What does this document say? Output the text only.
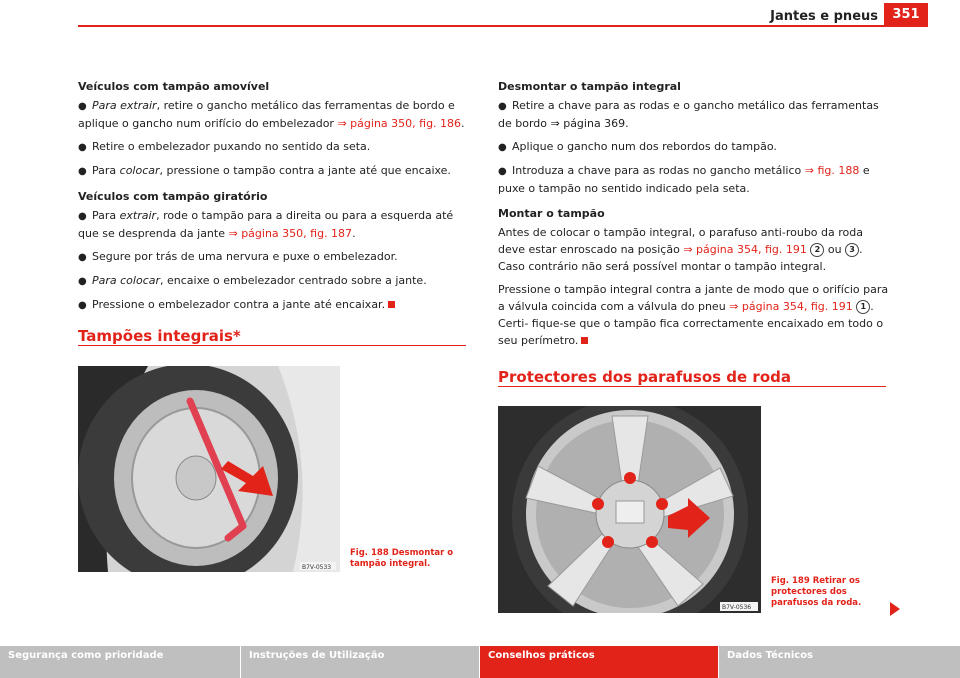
Jantes e pneus	351

Veículos com tampão amovível

● Para extrair, retire o gancho metálico das ferramentas de bordo e aplique o gancho num orifício do embelezador ⇒ página 350, fig. 186.

● Retire o embelezador puxando no sentido da seta.

● Para colocar, pressione o tampão contra a jante até que encaixe.

Veículos com tampão giratório

● Para extrair, rode o tampão para a direita ou para a esquerda até que se desprenda da jante ⇒ página 350, fig. 187.

● Segure por trás de uma nervura e puxe o embelezador.

● Para colocar, encaixe o embelezador centrado sobre a jante.

● Pressione o embelezador contra a jante até encaixar.

Tampões integrais*
B7V-0533
Fig. 188 Desmontar o tampão integral.

Desmontar o tampão integral

● Retire a chave para as rodas e o gancho metálico das ferramentas de bordo ⇒ página 369.

● Aplique o gancho num dos rebordos do tampão.

● Introduza a chave para as rodas no gancho metálico ⇒ fig. 188 e puxe o tampão no sentido indicado pela seta.

Montar o tampão

Antes de colocar o tampão integral, o parafuso anti-roubo da roda deve estar enroscado na posição ⇒ página 354, fig. 191 2 ou 3 . Caso contrário não será possível montar o tampão integral.

Pressione o tampão integral contra a jante de modo que o orifício para a válvula coincida com a válvula do pneu ⇒ página 354, fig. 191 1 . Certi- fique-se que o tampão fica correctamente encaixado em todo o seu perímetro.

Protectores dos parafusos de roda
B7V-0536
Fig. 189 Retirar os protectores dos parafusos da roda.
Segurança como prioridade	Instruções de Utilização	Conselhos práticos	Dados Técnicos
